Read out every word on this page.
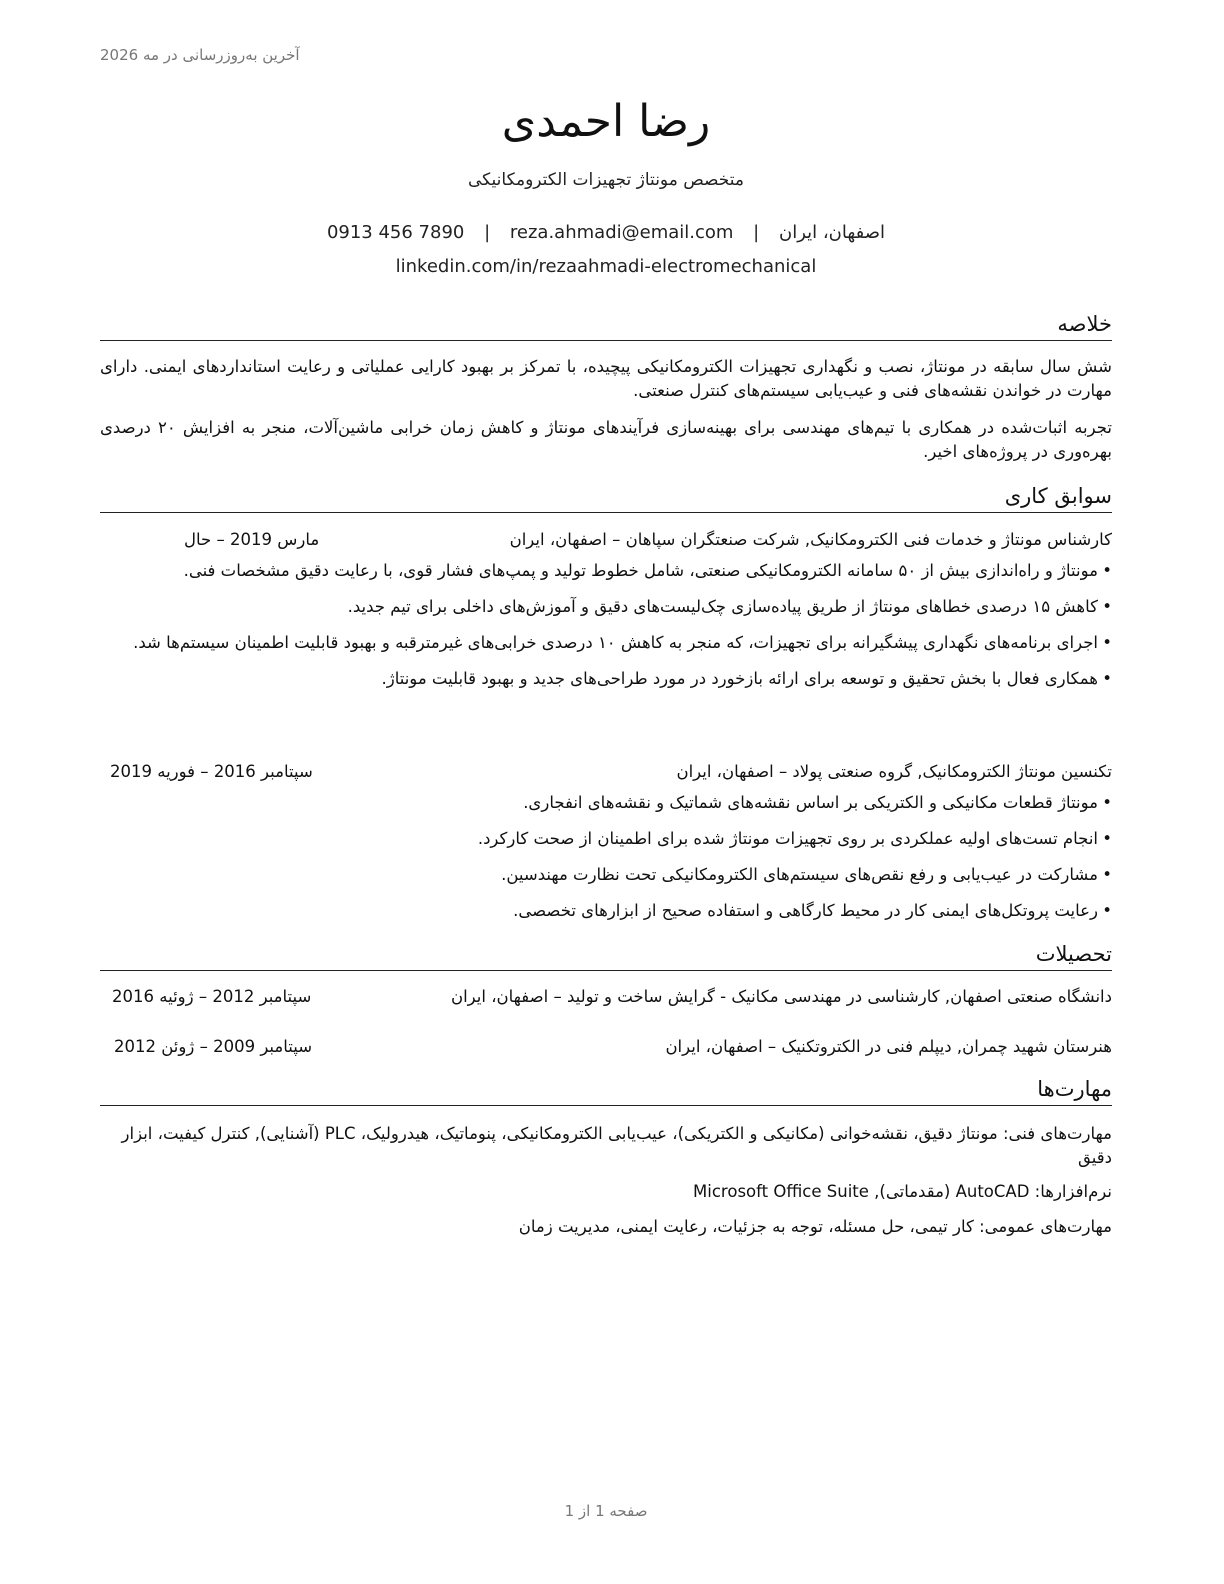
آخرین به‌روزرسانی در مه 2026
رضا احمدی
متخصص مونتاژ تجهیزات الکترومکانیکی
اصفهان، ایران | reza.ahmadi@email.com | 0913 456 7890
linkedin.com/in/rezaahmadi-electromechanical
خلاصه
شش سال سابقه در مونتاژ، نصب و نگهداری تجهیزات الکترومکانیکی پیچیده، با تمرکز بر بهبود کارایی عملیاتی و رعایت استانداردهای ایمنی. دارای مهارت در خواندن نقشه‌های فنی و عیب‌یابی سیستم‌های کنترل صنعتی.
تجربه اثبات‌شده در همکاری با تیم‌های مهندسی برای بهینه‌سازی فرآیندهای مونتاژ و کاهش زمان خرابی ماشین‌آلات، منجر به افزایش ۲۰ درصدی بهره‌وری در پروژه‌های اخیر.
سوابق کاری
کارشناس مونتاژ و خدمات فنی الکترومکانیک, شرکت صنعتگران سپاهان – اصفهان، ایران
مارس 2019 – حال
• مونتاژ و راه‌اندازی بیش از ۵۰ سامانه الکترومکانیکی صنعتی، شامل خطوط تولید و پمپ‌های فشار قوی، با رعایت دقیق مشخصات فنی.
• کاهش ۱۵ درصدی خطاهای مونتاژ از طریق پیاده‌سازی چک‌لیست‌های دقیق و آموزش‌های داخلی برای تیم جدید.
• اجرای برنامه‌های نگهداری پیشگیرانه برای تجهیزات، که منجر به کاهش ۱۰ درصدی خرابی‌های غیرمترقبه و بهبود قابلیت اطمینان سیستم‌ها شد.
• همکاری فعال با بخش تحقیق و توسعه برای ارائه بازخورد در مورد طراحی‌های جدید و بهبود قابلیت مونتاژ.
تکنسین مونتاژ الکترومکانیک, گروه صنعتی پولاد – اصفهان، ایران
سپتامبر 2016 – فوریه 2019
• مونتاژ قطعات مکانیکی و الکتریکی بر اساس نقشه‌های شماتیک و نقشه‌های انفجاری.
• انجام تست‌های اولیه عملکردی بر روی تجهیزات مونتاژ شده برای اطمینان از صحت کارکرد.
• مشارکت در عیب‌یابی و رفع نقص‌های سیستم‌های الکترومکانیکی تحت نظارت مهندسین.
• رعایت پروتکل‌های ایمنی کار در محیط کارگاهی و استفاده صحیح از ابزارهای تخصصی.
تحصیلات
دانشگاه صنعتی اصفهان, کارشناسی در مهندسی مکانیک - گرایش ساخت و تولید – اصفهان، ایران
سپتامبر 2012 – ژوئیه 2016
هنرستان شهید چمران, دیپلم فنی در الکتروتکنیک – اصفهان، ایران
سپتامبر 2009 – ژوئن 2012
مهارت‌ها
مهارت‌های فنی: مونتاژ دقیق، نقشه‌خوانی (مکانیکی و الکتریکی)، عیب‌یابی الکترومکانیکی، پنوماتیک، هیدرولیک، PLC (آشنایی), کنترل کیفیت، ابزار دقیق
نرم‌افزارها: AutoCAD (مقدماتی), Microsoft Office Suite
مهارت‌های عمومی: کار تیمی، حل مسئله، توجه به جزئیات، رعایت ایمنی، مدیریت زمان
صفحه 1 از 1
